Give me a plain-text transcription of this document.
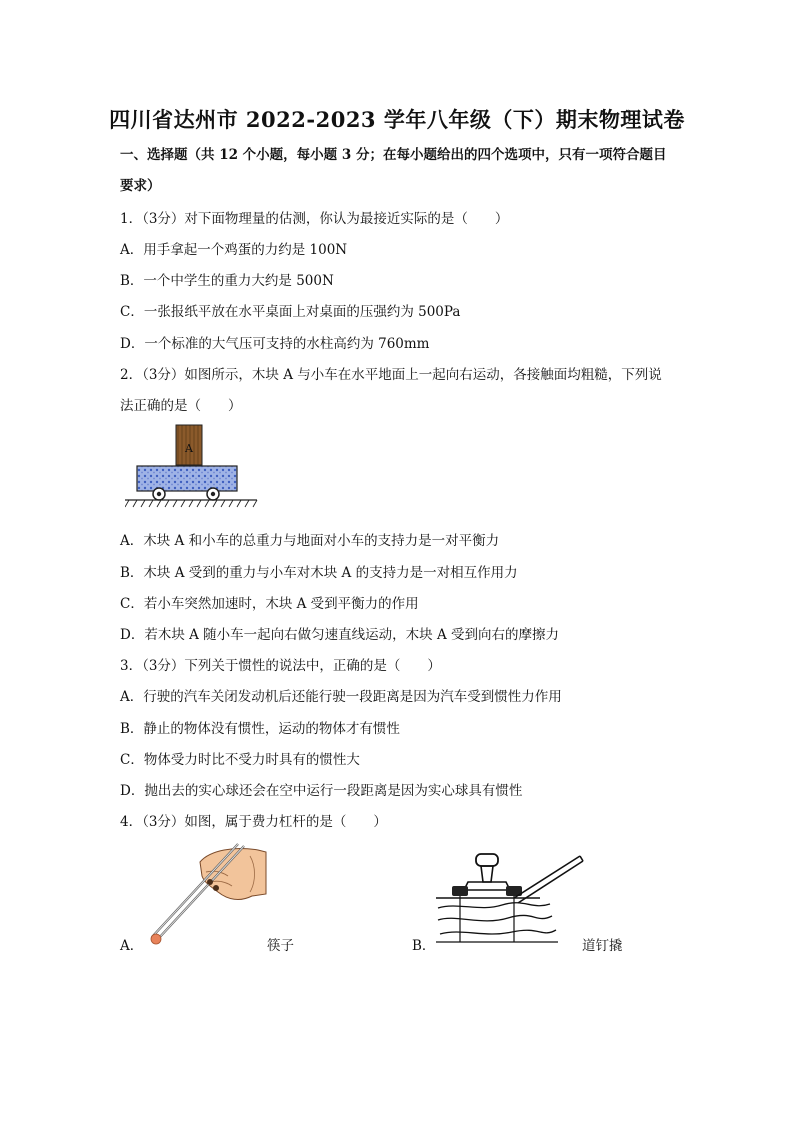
四川省达州市 2022-2023 学年八年级（下）期末物理试卷
一、选择题（共 12 个小题，每小题 3 分；在每小题给出的四个选项中，只有一项符合题目
要求）
1．（3分）对下面物理量的估测，你认为最接近实际的是（　　）
A．用手拿起一个鸡蛋的力约是 100N
B．一个中学生的重力大约是 500N
C．一张报纸平放在水平桌面上对桌面的压强约为 500Pa
D．一个标准的大气压可支持的水柱高约为 760mm
2．（3分）如图所示，木块 A 与小车在水平地面上一起向右运动，各接触面均粗糙，下列说
法正确的是（　　）
A
A．木块 A 和小车的总重力与地面对小车的支持力是一对平衡力
B．木块 A 受到的重力与小车对木块 A 的支持力是一对相互作用力
C．若小车突然加速时，木块 A 受到平衡力的作用
D．若木块 A 随小车一起向右做匀速直线运动，木块 A 受到向右的摩擦力
3．（3分）下列关于惯性的说法中，正确的是（　　）
A．行驶的汽车关闭发动机后还能行驶一段距离是因为汽车受到惯性力作用
B．静止的物体没有惯性，运动的物体才有惯性
C．物体受力时比不受力时具有的惯性大
D．抛出去的实心球还会在空中运行一段距离是因为实心球具有惯性
4．（3分）如图，属于费力杠杆的是（　　）
A．	筷子	B．	道钉撬
